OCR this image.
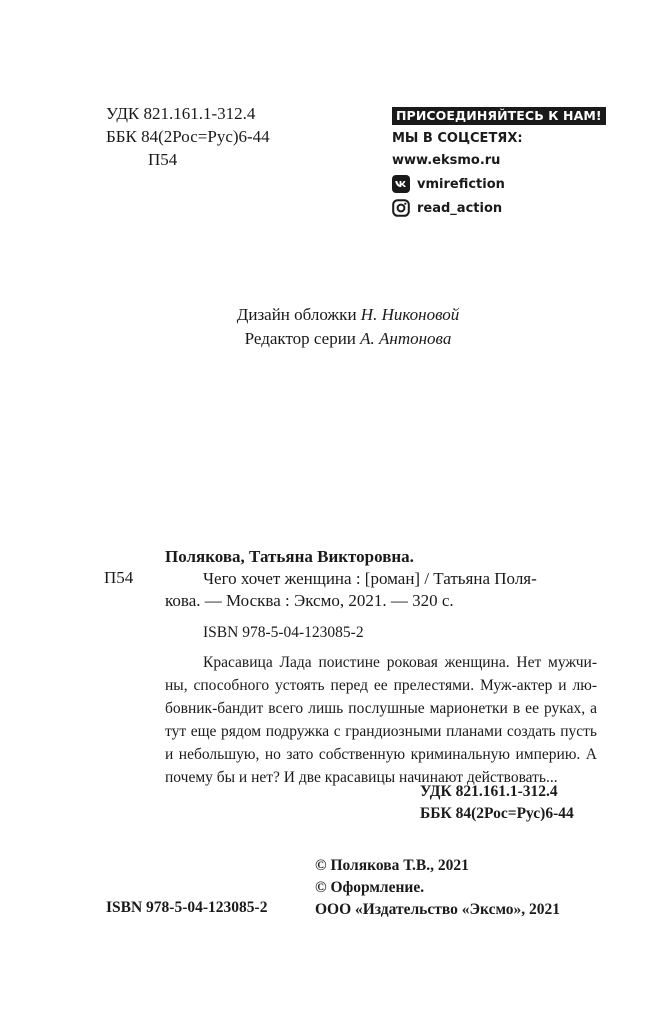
УДК 821.161.1-312.4
ББК 84(2Рос=Рус)6-44
П54
ПРИСОЕДИНЯЙТЕСЬ К НАМ!
МЫ В СОЦСЕТЯХ:
www.eksmo.ru
vmirefiction
read_action
Дизайн обложки Н. Никоновой
Редактор серии А. Антонова
Полякова, Татьяна Викторовна.
П54	Чего хочет женщина : [роман] / Татьяна Поля-
кова. — Москва : Эксмо, 2021. — 320 с.
ISBN 978-5-04-123085-2
Красавица Лада поистине роковая женщина. Нет мужчи-
ны, способного устоять перед ее прелестями. Муж-актер и лю-
бовник-бандит всего лишь послушные марионетки в ее руках, а
тут еще рядом подружка с грандиозными планами создать пусть
и небольшую, но зато собственную криминальную империю. А
почему бы и нет? И две красавицы начинают действовать...
УДК 821.161.1-312.4
ББК 84(2Рос=Рус)6-44
© Полякова Т.В., 2021
© Оформление.
ООО «Издательство «Эксмо», 2021
ISBN 978-5-04-123085-2
